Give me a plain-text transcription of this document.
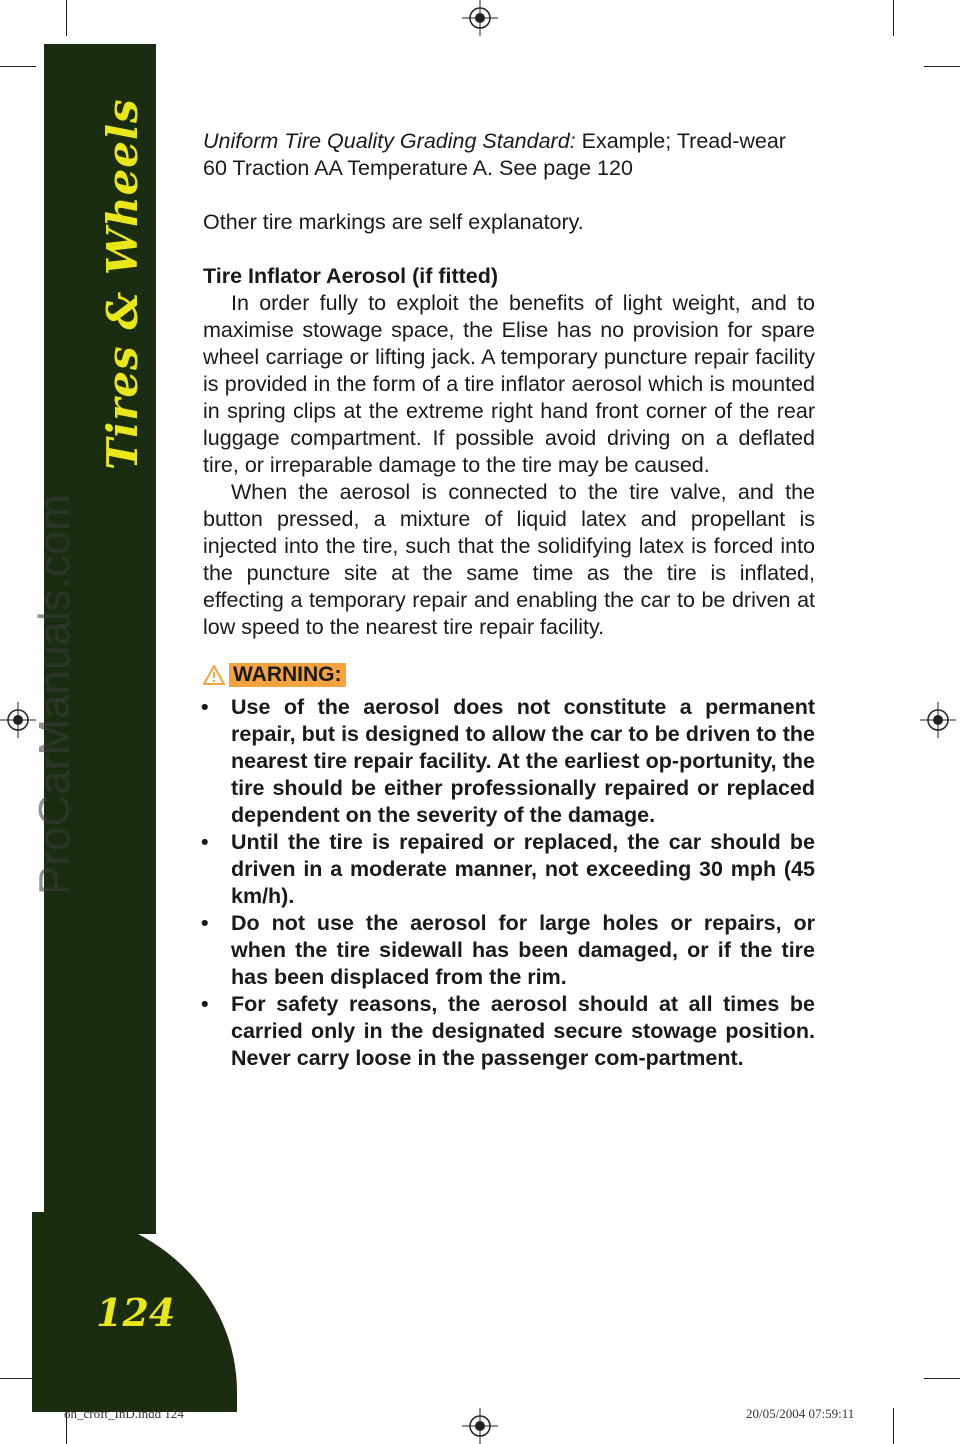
Tires & Wheels
124
ProCarManuals.com

Uniform Tire Quality Grading Standard: Example; Tread-wear 60 Traction AA Temperature A. See page 120

Other tire markings are self explanatory.

Tire Inflator Aerosol (if fitted)

In order fully to exploit the benefits of light weight, and to maximise stowage space, the Elise has no provision for spare wheel carriage or lifting jack. A temporary puncture repair facility is provided in the form of a tire inflator aerosol which is mounted in spring clips at the extreme right hand front corner of the rear luggage compartment. If possible avoid driving on a deflated tire, or irreparable damage to the tire may be caused.

When the aerosol is connected to the tire valve, and the button pressed, a mixture of liquid latex and propellant is injected into the tire, such that the solidifying latex is forced into the puncture site at the same time as the tire is inflated, effecting a temporary repair and enabling the car to be driven at low speed to the nearest tire repair facility.

WARNING:
• Use of the aerosol does not constitute a permanent repair, but is designed to allow the car to be driven to the nearest tire repair facility. At the earliest op-portunity, the tire should be either professionally repaired or replaced dependent on the severity of the damage.
• Until the tire is repaired or replaced, the car should be driven in a moderate manner, not exceeding 30 mph (45 km/h).
• Do not use the aerosol for large holes or repairs, or when the tire sidewall has been damaged, or if the tire has been displaced from the rim.
• For safety reasons, the aerosol should at all times be carried only in the designated secure stowage position. Never carry loose in the passenger com-partment.
oh_croft_InD.indd 124	20/05/2004 07:59:11
